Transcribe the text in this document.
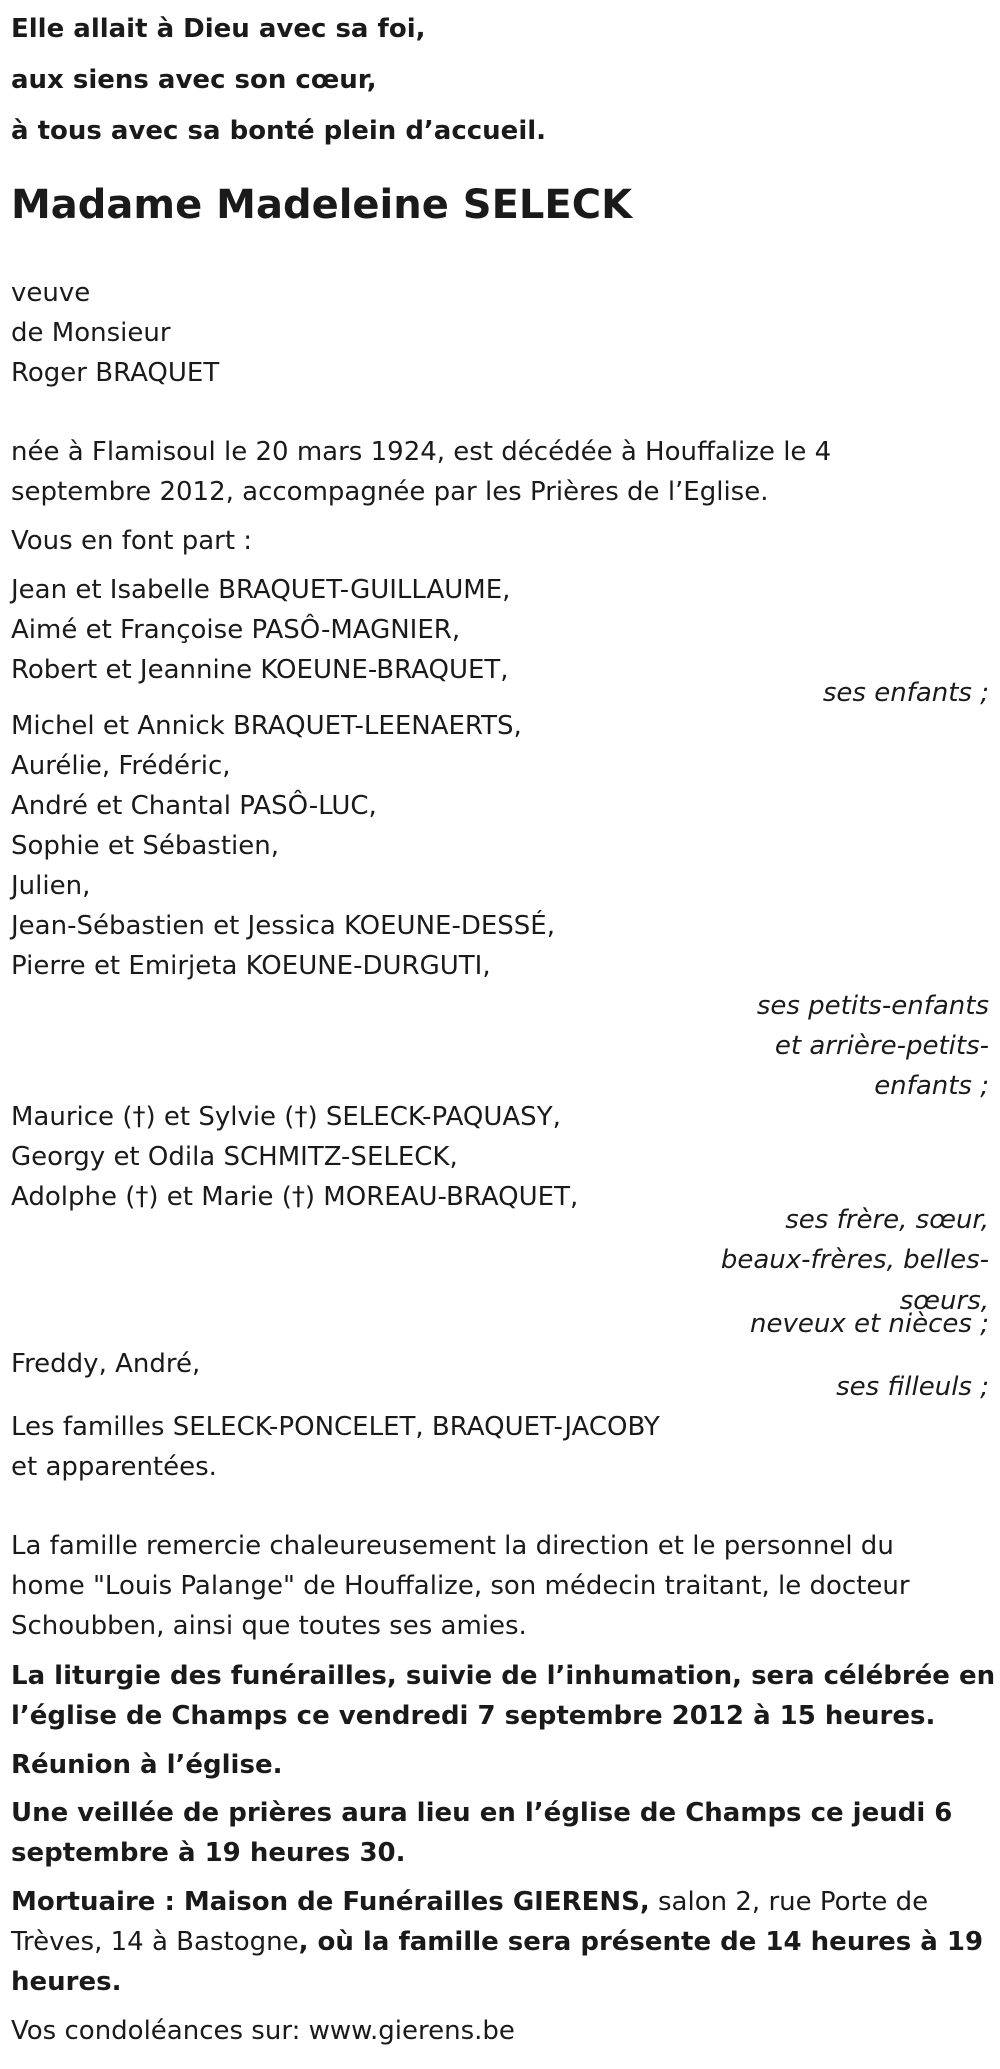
Elle allait à Dieu avec sa foi,
aux siens avec son cœur,
à tous avec sa bonté plein d’accueil.
Madame Madeleine SELECK
veuve
de Monsieur
Roger BRAQUET
née à Flamisoul le 20 mars 1924, est décédée à Houffalize le 4
septembre 2012, accompagnée par les Prières de l’Eglise.
Vous en font part :
Jean et Isabelle BRAQUET-GUILLAUME,
Aimé et Françoise PASÔ-MAGNIER,
Robert et Jeannine KOEUNE-BRAQUET,
ses enfants ;
Michel et Annick BRAQUET-LEENAERTS,
Aurélie, Frédéric,
André et Chantal PASÔ-LUC,
Sophie et Sébastien,
Julien,
Jean-Sébastien et Jessica KOEUNE-DESSÉ,
Pierre et Emirjeta KOEUNE-DURGUTI,
ses petits-enfants
et arrière-petits-
enfants ;
Maurice (†) et Sylvie (†) SELECK-PAQUASY,
Georgy et Odila SCHMITZ-SELECK,
Adolphe (†) et Marie (†) MOREAU-BRAQUET,
ses frère, sœur,
beaux-frères, belles-
sœurs,
neveux et nièces ;
Freddy, André,
ses filleuls ;
Les familles SELECK-PONCELET, BRAQUET-JACOBY
et apparentées.
La famille remercie chaleureusement la direction et le personnel du
home "Louis Palange" de Houffalize, son médecin traitant, le docteur
Schoubben, ainsi que toutes ses amies.
La liturgie des funérailles, suivie de l’inhumation, sera célébrée en
l’église de Champs ce vendredi 7 septembre 2012 à 15 heures.
Réunion à l’église.
Une veillée de prières aura lieu en l’église de Champs ce jeudi 6
septembre à 19 heures 30.
Mortuaire : Maison de Funérailles GIERENS, salon 2, rue Porte de
Trèves, 14 à Bastogne, où la famille sera présente de 14 heures à 19
heures.
Vos condoléances sur: www.gierens.be
